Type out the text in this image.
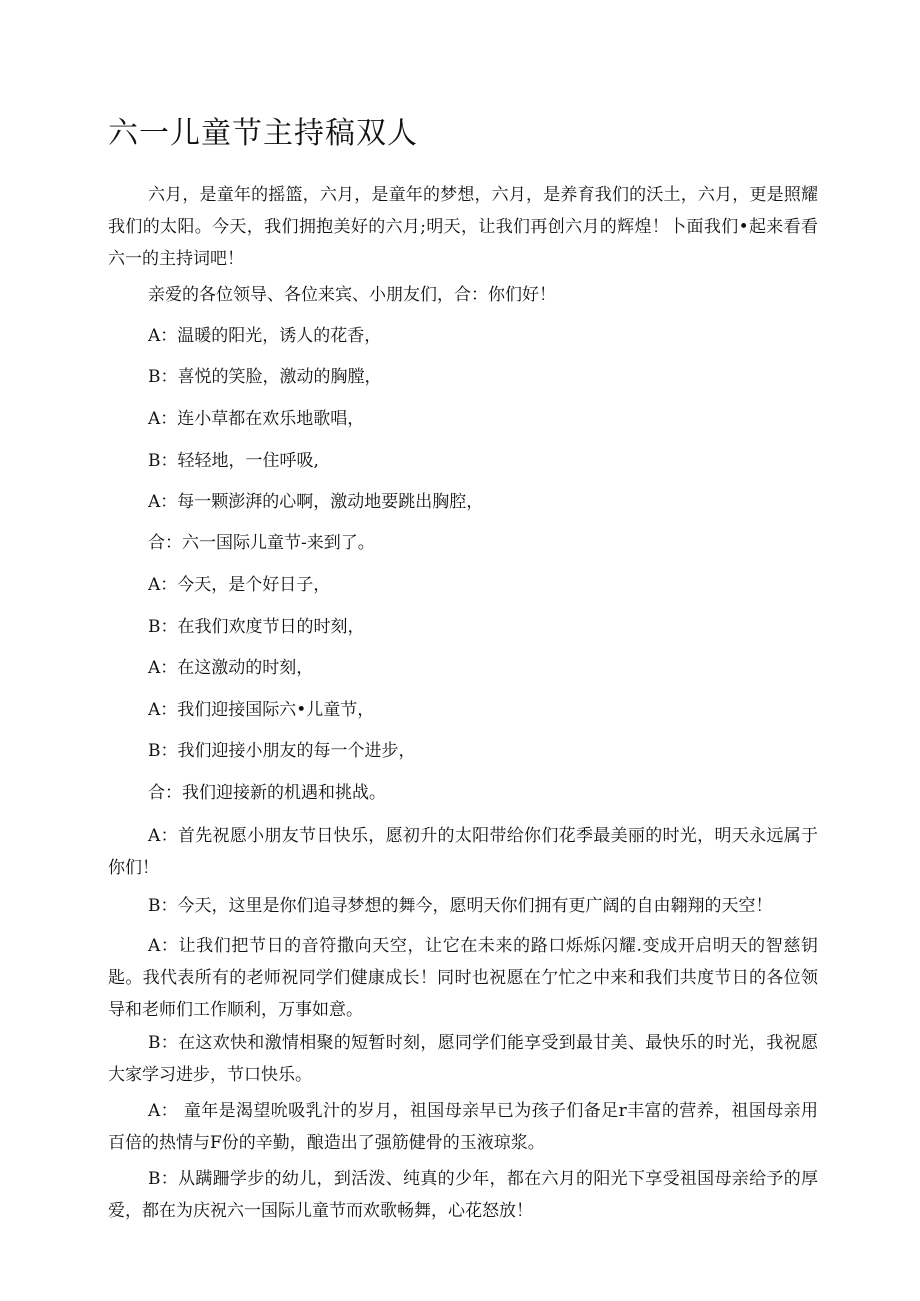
六一儿童节主持稿双人

六月，是童年的摇篮，六月，是童年的梦想，六月，是养育我们的沃土，六月，更是照耀我们的太阳。今天，我们拥抱美好的六月;明天，让我们再创六月的辉煌！卜面我们•起来看看六一的主持词吧！

亲爱的各位领导、各位来宾、小朋友们，合：你们好！

A：温暖的阳光，诱人的花香，

B：喜悦的笑脸，激动的胸膛，

A：连小草都在欢乐地歌唱，

B：轻轻地，一住呼吸,

A：每一颗澎湃的心啊，激动地要跳出胸腔，

合：六一国际儿童节-来到了。

A：今天，是个好日子，

B：在我们欢度节日的时刻，

A：在这激动的时刻，

A：我们迎接国际六•儿童节，

B：我们迎接小朋友的每一个进步，

合：我们迎接新的机遇和挑战。

A：首先祝愿小朋友节日快乐，愿初升的太阳带给你们花季最美丽的时光，明天永远属于你们！

B：今天，这里是你们追寻梦想的舞今，愿明天你们拥有更广阔的自由翱翔的天空！

A：让我们把节日的音符撒向天空，让它在未来的路口烁烁闪耀.变成开启明天的智慈钥匙。我代表所有的老师祝同学们健康成长！同时也祝愿在亇忙之中来和我们共度节日的各位领导和老师们工作顺利，万事如意。

B：在这欢快和激情相聚的短暂时刻，愿同学们能享受到最甘美、最快乐的时光，我祝愿大家学习进步，节口快乐。

A： 童年是渴望吮吸乳汁的岁月，祖国母亲早已为孩子们备足r丰富的营养，祖国母亲用百倍的热情与F份的辛勤，酿造出了强筋健骨的玉液琼浆。

B：从蹒跚学步的幼儿，到活泼、纯真的少年，都在六月的阳光下享受祖国母亲给予的厚爱，都在为庆祝六一国际儿童节而欢歌畅舞，心花怒放！
